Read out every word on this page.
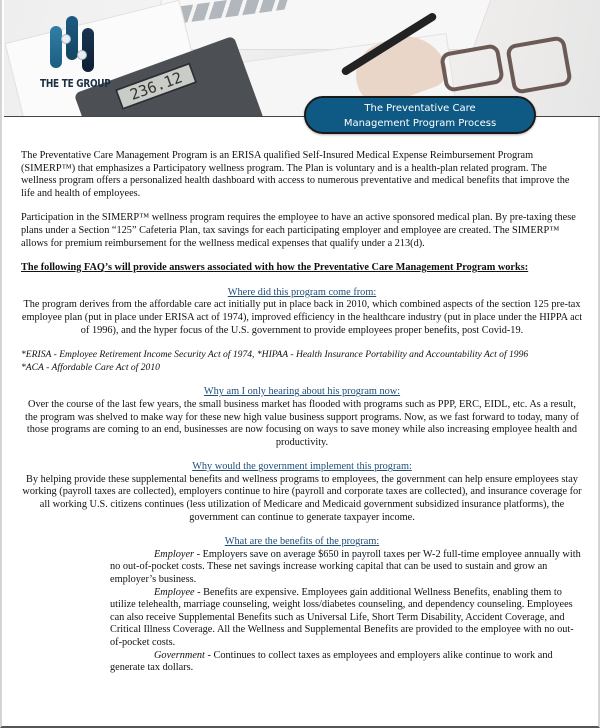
236.12
THE TE GROUP
The Preventative Care
Management Program Process

The Preventative Care Management Program is an ERISA qualified Self-Insured Medical Expense Reimbursement Program (SIMERP™) that emphasizes a Participatory wellness program. The Plan is voluntary and is a health-plan related program. The wellness program offers a personalized health dashboard with access to numerous preventative and medical benefits that improve the life and health of employees.

Participation in the SIMERP™ wellness program requires the employee to have an active sponsored medical plan. By pre-taxing these plans under a Section “125” Cafeteria Plan, tax savings for each participating employer and employee are created. The SIMERP™ allows for premium reimbursement for the wellness medical expenses that qualify under a 213(d).

The following FAQ’s will provide answers associated with how the Preventative Care Management Program works:

Where did this program come from:

The program derives from the affordable care act initially put in place back in 2010, which combined aspects of the section 125 pre-tax employee plan (put in place under ERISA act of 1974), improved efficiency in the healthcare industry (put in place under the HIPPA act of 1996), and the hyper focus of the U.S. government to provide employees proper benefits, post Covid-19.

*ERISA - Employee Retirement Income Security Act of 1974, *HIPAA - Health Insurance Portability and Accountability Act of 1996

*ACA - Affordable Care Act of 2010

Why am I only hearing about his program now:

Over the course of the last few years, the small business market has flooded with programs such as PPP, ERC, EIDL, etc. As a result, the program was shelved to make way for these new high value business support programs. Now, as we fast forward to today, many of those programs are coming to an end, businesses are now focusing on ways to save money while also increasing employee health and productivity.

Why would the government implement this program:

By helping provide these supplemental benefits and wellness programs to employees, the government can help ensure employees stay working (payroll taxes are collected), employers continue to hire (payroll and corporate taxes are collected), and insurance coverage for all working U.S. citizens continues (less utilization of Medicare and Medicaid government subsidized insurance platforms), the government can continue to generate taxpayer income.

What are the benefits of the program:

Employer - Employers save on average $650 in payroll taxes per W-2 full-time employee annually with no out-of-pocket costs. These net savings increase working capital that can be used to sustain and grow an employer’s business.

Employee - Benefits are expensive. Employees gain additional Wellness Benefits, enabling them to utilize telehealth, marriage counseling, weight loss/diabetes counseling, and dependency counseling. Employees can also receive Supplemental Benefits such as Universal Life, Short Term Disability, Accident Coverage, and Critical Illness Coverage. All the Wellness and Supplemental Benefits are provided to the employee with no out-of-pocket costs.

Government - Continues to collect taxes as employees and employers alike continue to work and generate tax dollars.
